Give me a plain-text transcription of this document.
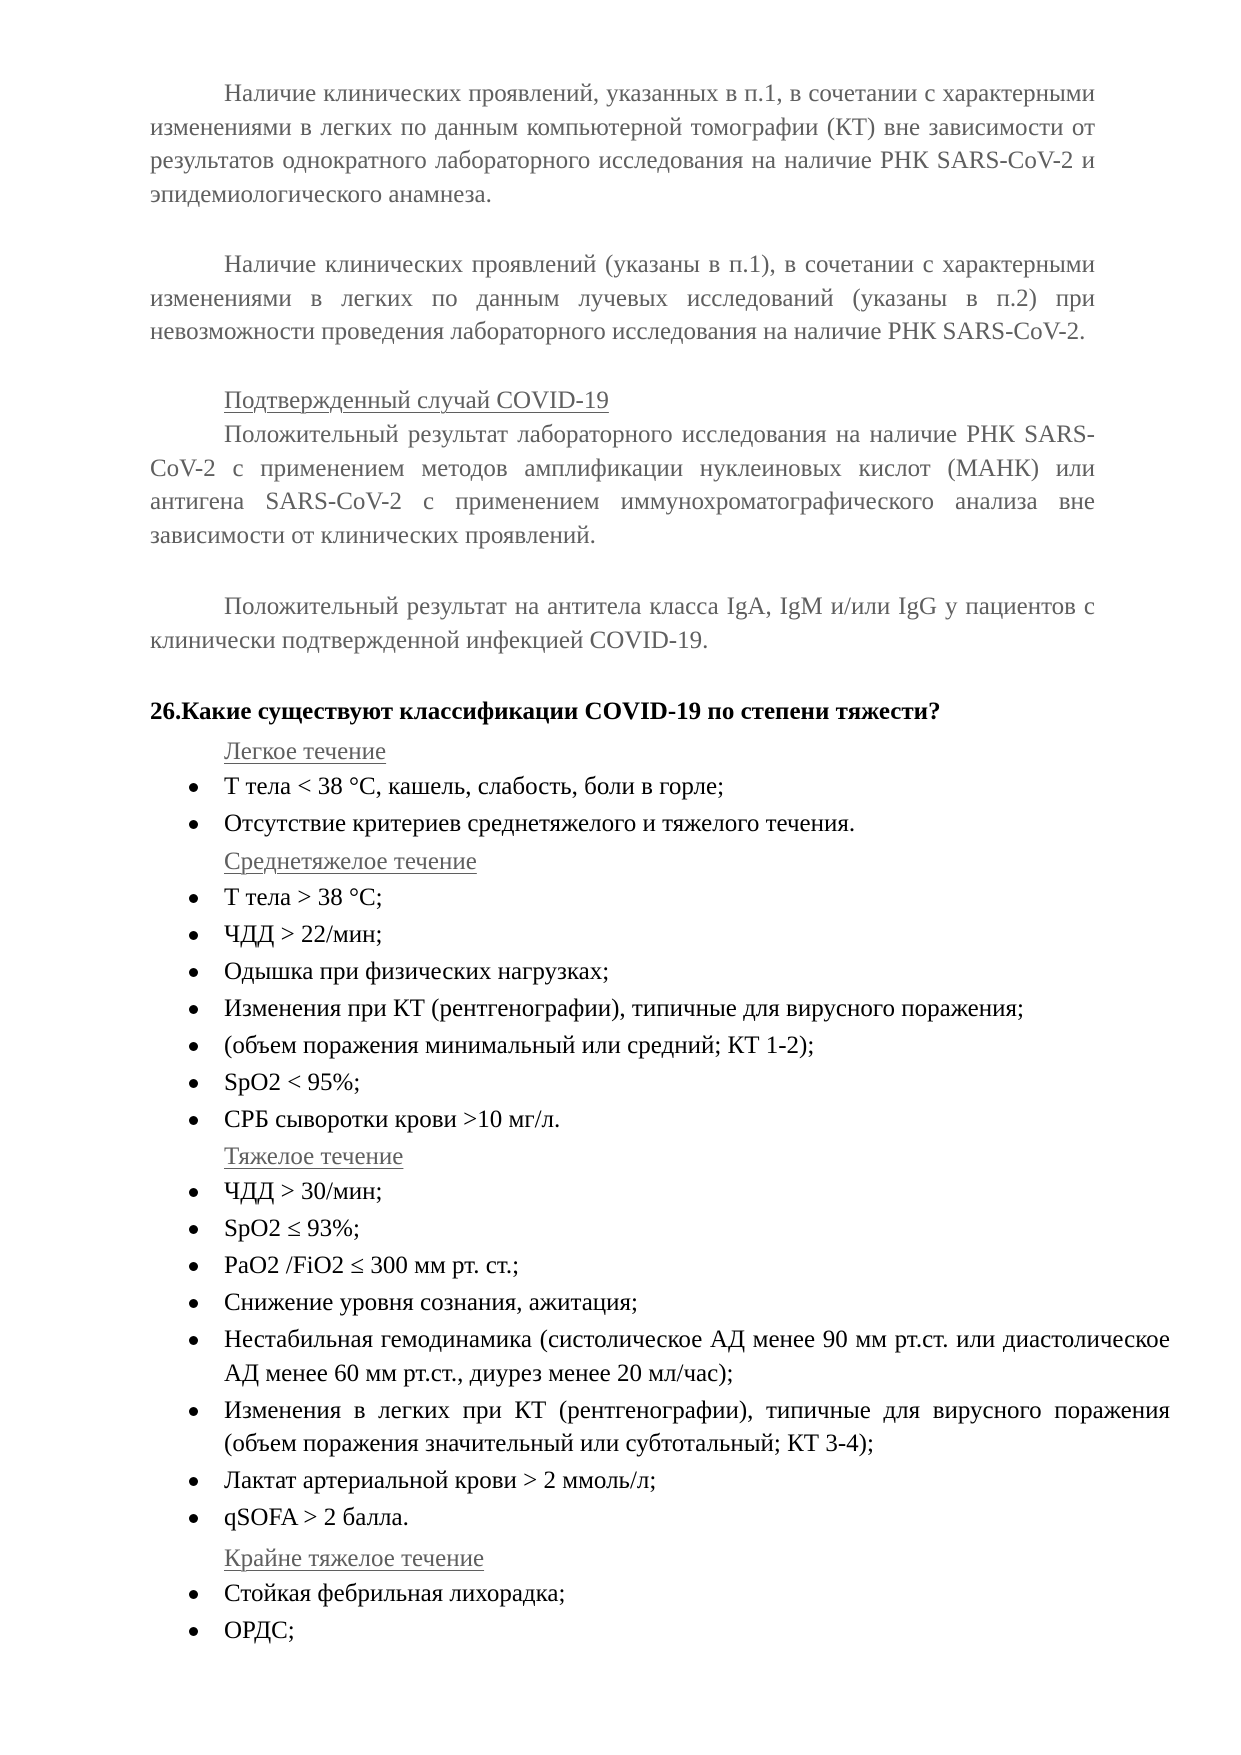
Наличие клинических проявлений, указанных в п.1, в сочетании с характерными изменениями в легких по данным компьютерной томографии (КТ) вне зависимости от результатов однократного лабораторного исследования на наличие РНК SARS-CoV-2 и эпидемиологического анамнеза.

Наличие клинических проявлений (указаны в п.1), в сочетании с характерными изменениями в легких по данным лучевых исследований (указаны в п.2) при невозможности проведения лабораторного исследования на наличие РНК SARS-CoV-2.

Подтвержденный случай COVID-19

Положительный результат лабораторного исследования на наличие РНК SARS-CoV-2 с применением методов амплификации нуклеиновых кислот (МАНК) или антигена SARS-CoV-2 с применением иммунохроматографического анализа вне зависимости от клинических проявлений.

Положительный результат на антитела класса IgA, IgM и/или IgG у пациентов с клинически подтвержденной инфекцией COVID-19.

26.Какие существуют классификации COVID-19 по степени тяжести?

Легкое течение

Т тела < 38 °С, кашель, слабость, боли в горле;
Отсутствие критериев среднетяжелого и тяжелого течения.

Среднетяжелое течение

Т тела > 38 °С;
ЧДД > 22/мин;
Одышка при физических нагрузках;
Изменения при КТ (рентгенографии), типичные для вирусного поражения;
(объем поражения минимальный или средний; КТ 1-2);
SpO2 < 95%;
СРБ сыворотки крови >10 мг/л.

Тяжелое течение

ЧДД > 30/мин;
SpO2 ≤ 93%;
PaO2 /FiO2 ≤ 300 мм рт. ст.;
Снижение уровня сознания, ажитация;
Нестабильная гемодинамика (систолическое АД менее 90 мм рт.ст. или диастолическое АД менее 60 мм рт.ст., диурез менее 20 мл/час);
Изменения в легких при КТ (рентгенографии), типичные для вирусного поражения (объем поражения значительный или субтотальный; КТ 3-4);
Лактат артериальной крови > 2 ммоль/л;
qSOFA > 2 балла.

Крайне тяжелое течение

Стойкая фебрильная лихорадка;
ОРДС;
